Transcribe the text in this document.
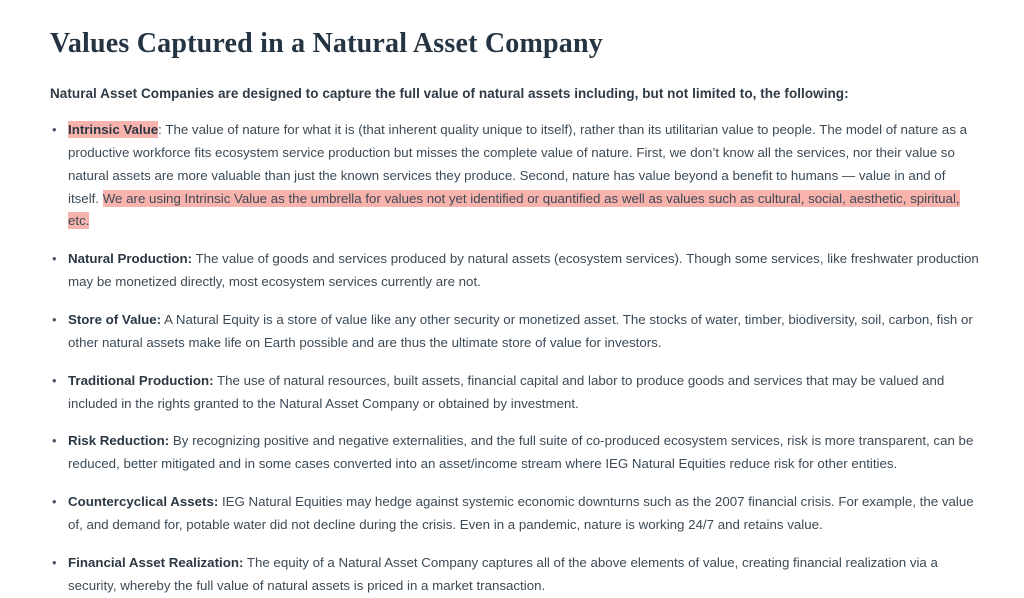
Values Captured in a Natural Asset Company

Natural Asset Companies are designed to capture the full value of natural assets including, but not limited to, the following:

• Intrinsic Value: The value of nature for what it is (that inherent quality unique to itself), rather than its utilitarian value to people. The model of nature as a productive workforce fits ecosystem service production but misses the complete value of nature. First, we don’t know all the services, nor their value so natural assets are more valuable than just the known services they produce. Second, nature has value beyond a benefit to humans — value in and of itself. We are using Intrinsic Value as the umbrella for values not yet identified or quantified as well as values such as cultural, social, aesthetic, spiritual, etc.
• Natural Production: The value of goods and services produced by natural assets (ecosystem services). Though some services, like freshwater production may be monetized directly, most ecosystem services currently are not.
• Store of Value: A Natural Equity is a store of value like any other security or monetized asset. The stocks of water, timber, biodiversity, soil, carbon, fish or other natural assets make life on Earth possible and are thus the ultimate store of value for investors.
• Traditional Production: The use of natural resources, built assets, financial capital and labor to produce goods and services that may be valued and included in the rights granted to the Natural Asset Company or obtained by investment.
• Risk Reduction: By recognizing positive and negative externalities, and the full suite of co-produced ecosystem services, risk is more transparent, can be reduced, better mitigated and in some cases converted into an asset/income stream where IEG Natural Equities reduce risk for other entities.
• Countercyclical Assets: IEG Natural Equities may hedge against systemic economic downturns such as the 2007 financial crisis. For example, the value of, and demand for, potable water did not decline during the crisis. Even in a pandemic, nature is working 24/7 and retains value.
• Financial Asset Realization: The equity of a Natural Asset Company captures all of the above elements of value, creating financial realization via a security, whereby the full value of natural assets is priced in a market transaction.
